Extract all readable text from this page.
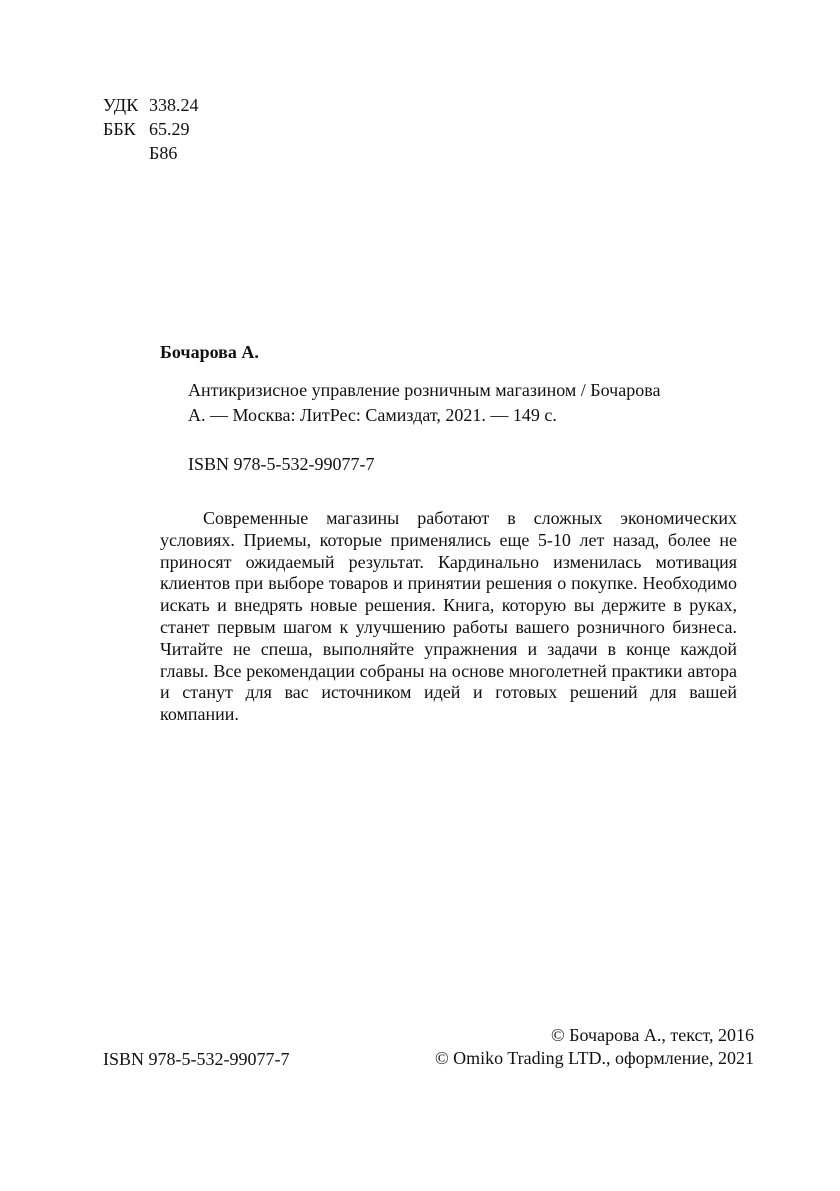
УДК 338.24
ББК 65.29
Б86
Бочарова А.
Антикризисное управление розничным магазином / Бочарова
А. — Москва: ЛитРес: Самиздат, 2021. — 149 с.
ISBN 978-5-532-99077-7

Современные магазины работают в сложных экономических условиях. Приемы, которые применялись еще 5-10 лет назад, более не приносят ожидаемый результат. Кардинально изменилась мотивация клиентов при выборе товаров и принятии решения о покупке. Необходимо искать и внедрять новые решения. Книга, которую вы держите в руках, станет первым шагом к улучшению работы вашего розничного бизнеса. Читайте не спеша, выполняйте упражнения и задачи в конце каждой главы. Все рекомендации собраны на основе многолетней практики автора и станут для вас источником идей и готовых решений для вашей компании.

ISBN 978-5-532-99077-7
© Бочарова А., текст, 2016
© Omiko Trading LTD., оформление, 2021
